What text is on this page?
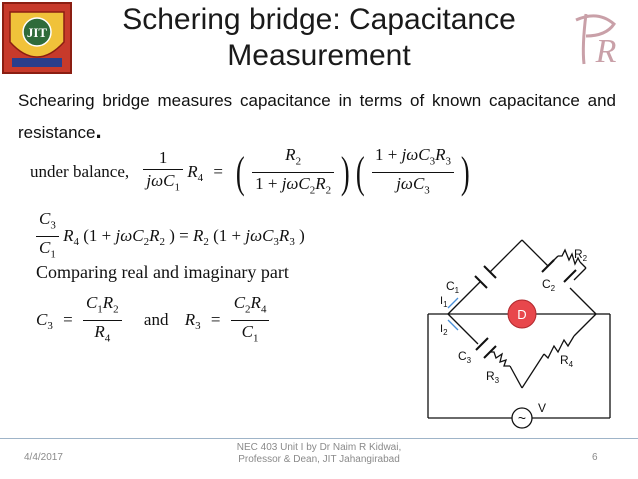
JIT
R
Schering bridge: Capacitance
Measurement
Schearing bridge measures capacitance in terms of known capacitance and resistance.
under balance, $\frac{1}{j\omega C_1} R_4$ = ( $\frac{R_2}{1 + j\omega C_2R_2}$ ) ( $\frac{1 + j\omega C_3R_3}{j\omega C_3}$ )
$\frac{C_3}{C_1} R_4$ ($1 + j\omega C_2R_2$ ) = $R_2$ ($1 + j\omega C_3R_3$ )
Comparing real and imaginary part
$C_3 = \frac{C_1R_2}{R_4}$ and $R_3 = \frac{C_2R_4}{C_1}$	D
~
$R_2$
$C_1$	$C_2$
$I_1$
$I_2$
$C_3$
$R_3$
$R_4$
V
4/4/2017
NEC 403 Unit I by Dr Naim R Kidwai,
Professor & Dean, JIT Jahangirabad	6
